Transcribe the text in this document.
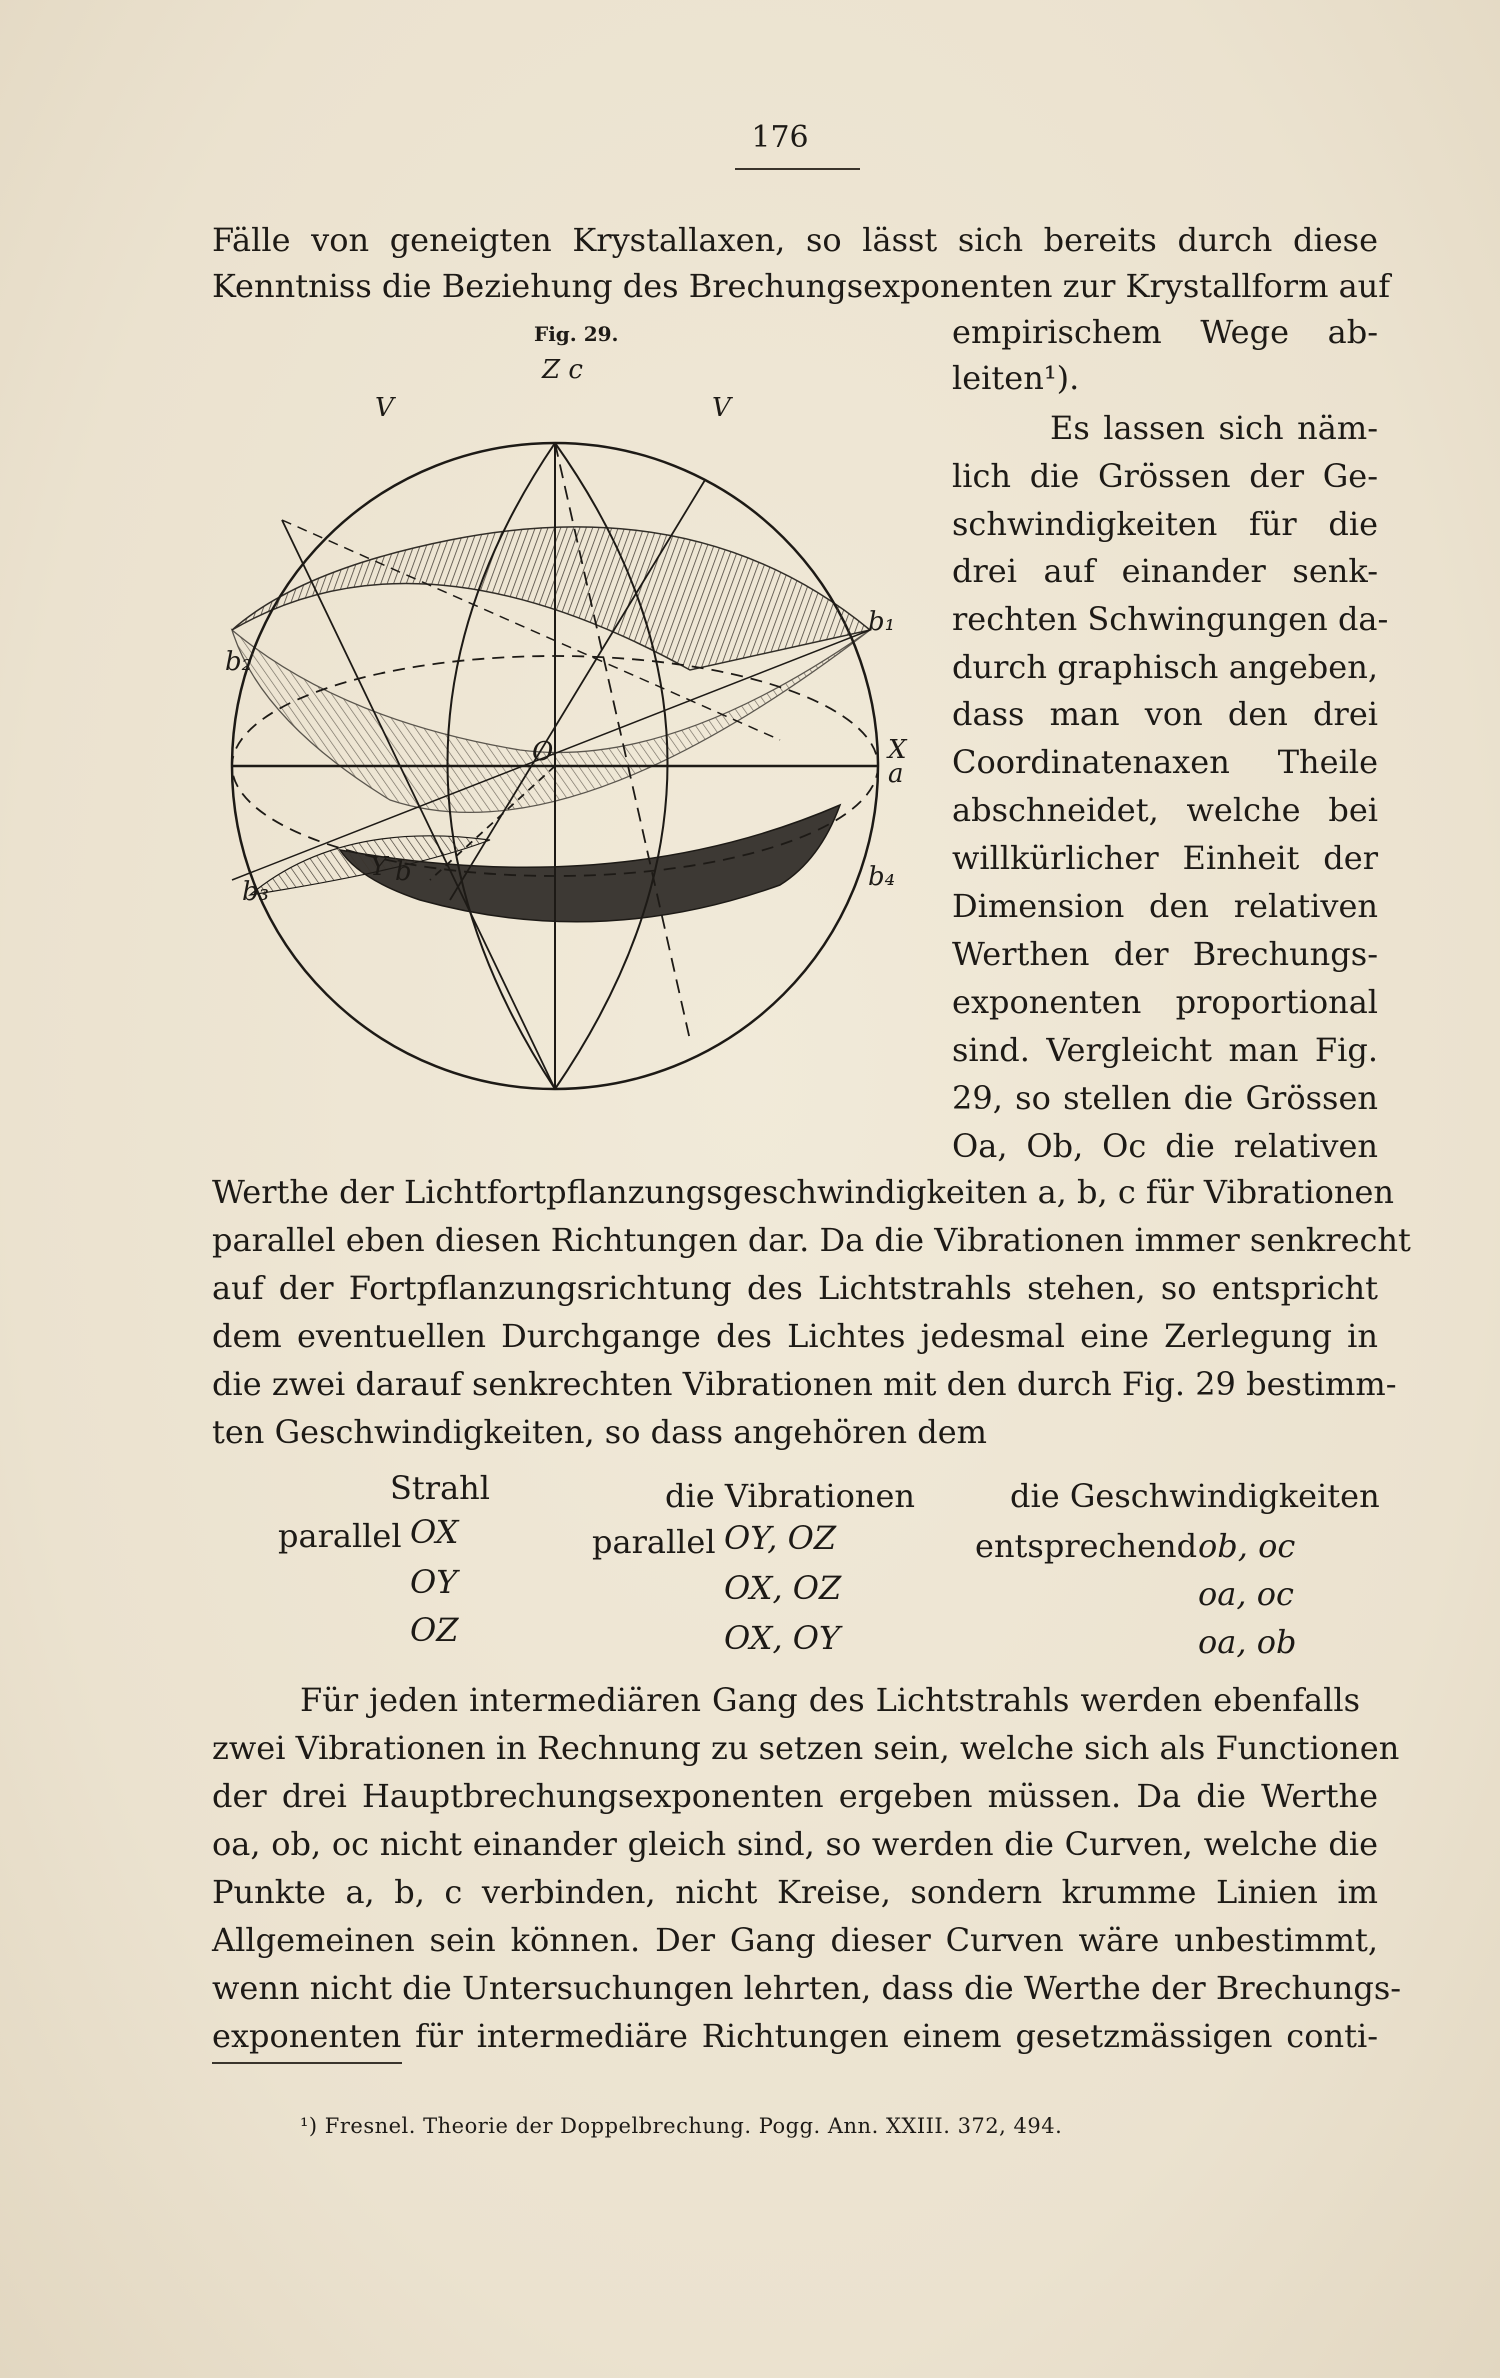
176
Fälle von geneigten Krystallaxen, so lässt sich bereits durch diese
Kenntniss die Beziehung des Brechungsexponenten zur Krystallform auf
Fig. 29.
Z c
V	V
b₁
b₂
b₃	b₄
O	X
a
Y b
empirischem Wege ab-
leiten¹).
Es lassen sich näm-
lich die Grössen der Ge-
schwindigkeiten für die
drei auf einander senk-
rechten Schwingungen da-
durch graphisch angeben,
dass man von den drei
Coordinatenaxen Theile
abschneidet, welche bei
willkürlicher Einheit der
Dimension den relativen
Werthen der Brechungs-
exponenten proportional
sind. Vergleicht man Fig.
29, so stellen die Grössen
Oa, Ob, Oc die relativen
Werthe der Lichtfortpflanzungsgeschwindigkeiten a, b, c für Vibrationen
parallel eben diesen Richtungen dar. Da die Vibrationen immer senkrecht
auf der Fortpflanzungsrichtung des Lichtstrahls stehen, so entspricht
dem eventuellen Durchgange des Lichtes jedesmal eine Zerlegung in
die zwei darauf senkrechten Vibrationen mit den durch Fig. 29 bestimm-
ten Geschwindigkeiten, so dass angehören dem
Strahl	die Vibrationen	die Geschwindigkeiten
parallel OX	parallel OY, OZ	entsprechend ob, oc
OY	OX, OZ	oa, oc
OZ	OX, OY	oa, ob
Für jeden intermediären Gang des Lichtstrahls werden ebenfalls
zwei Vibrationen in Rechnung zu setzen sein, welche sich als Functionen
der drei Hauptbrechungsexponenten ergeben müssen. Da die Werthe
oa, ob, oc nicht einander gleich sind, so werden die Curven, welche die
Punkte a, b, c verbinden, nicht Kreise, sondern krumme Linien im
Allgemeinen sein können. Der Gang dieser Curven wäre unbestimmt,
wenn nicht die Untersuchungen lehrten, dass die Werthe der Brechungs-
exponenten für intermediäre Richtungen einem gesetzmässigen conti-
¹) Fresnel. Theorie der Doppelbrechung. Pogg. Ann. XXIII. 372, 494.
